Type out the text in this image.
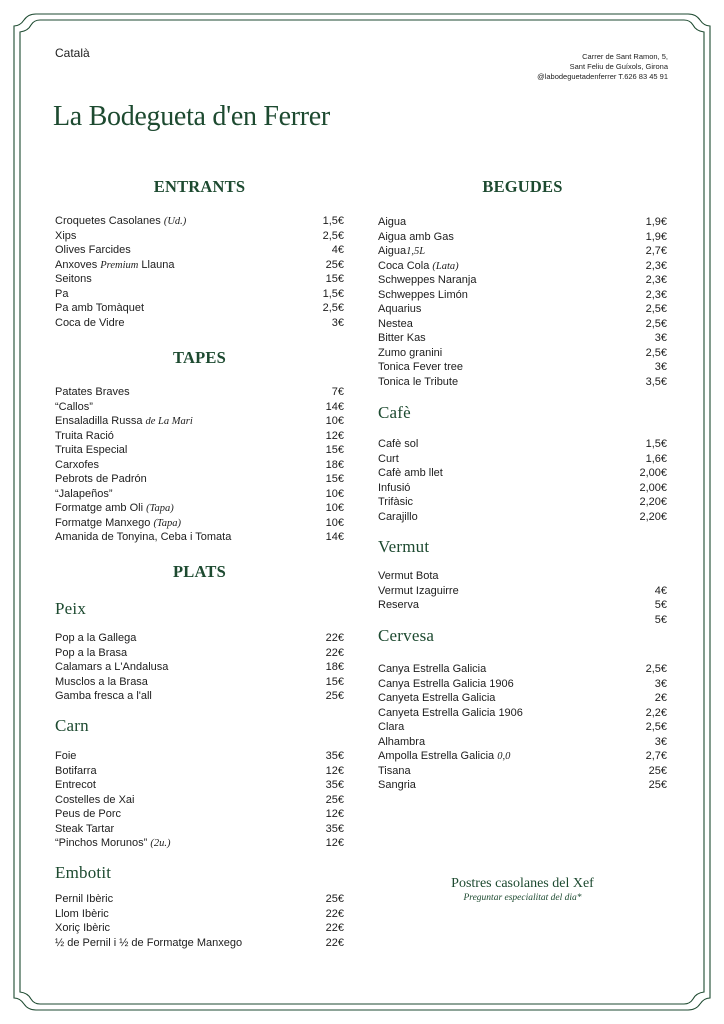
Català	Carrer de Sant Ramon, 5,
Sant Feliu de Guíxols, Girona
@labodeguetadenferrer T.626 83 45 91
La Bodegueta d'en Ferrer
ENTRANTS
Croquetes Casolanes (Ud.)	1,5€
Xips	2,5€
Olives Farcides	4€
Anxoves Premium Llauna	25€
Seitons	15€
Pa	1,5€
Pa amb Tomàquet	2,5€
Coca de Vidre	3€
TAPES
Patates Braves	7€
“Callos”	14€
Ensaladilla Russa de La Mari	10€
Truita Ració	12€
Truita Especial	15€
Carxofes	18€
Pebrots de Padrón	15€
“Jalapeños”	10€
Formatge amb Oli (Tapa)	10€
Formatge Manxego (Tapa)	10€
Amanida de Tonyina, Ceba i Tomata	14€
PLATS
Peix
Pop a la Gallega	22€
Pop a la Brasa	22€
Calamars a L'Andalusa	18€
Musclos a la Brasa	15€
Gamba fresca a l'all	25€
Carn
Foie	35€
Botifarra	12€
Entrecot	35€
Costelles de Xai	25€
Peus de Porc	12€
Steak Tartar	35€
“Pinchos Morunos” (2u.)	12€
Embotit
Pernil Ibèric	25€
Llom Ibèric	22€
Xoriç Ibèric	22€
½ de Pernil i ½ de Formatge Manxego	22€
BEGUDES
Aigua	1,9€
Aigua amb Gas	1,9€
Aigua1,5L	2,7€
Coca Cola (Lata)	2,3€
Schweppes Naranja	2,3€
Schweppes Limón	2,3€
Aquarius	2,5€
Nestea	2,5€
Bitter Kas	3€
Zumo granini	2,5€
Tonica Fever tree	3€
Tonica le Tribute	3,5€
Cafè
Cafè sol	1,5€
Curt	1,6€
Cafè amb llet	2,00€
Infusió	2,00€
Trifàsic	2,20€
Carajillo	2,20€
Vermut
Vermut Bota
Vermut Izaguirre	4€
Reserva	5€
5€
Cervesa
Canya Estrella Galicia	2,5€
Canya Estrella Galicia 1906	3€
Canyeta Estrella Galicia	2€
Canyeta Estrella Galicia 1906	2,2€
Clara	2,5€
Alhambra	3€
Ampolla Estrella Galicia 0,0	2,7€
Tisana	25€
Sangria	25€
Postres casolanes del Xef
Preguntar especialitat del dia*
